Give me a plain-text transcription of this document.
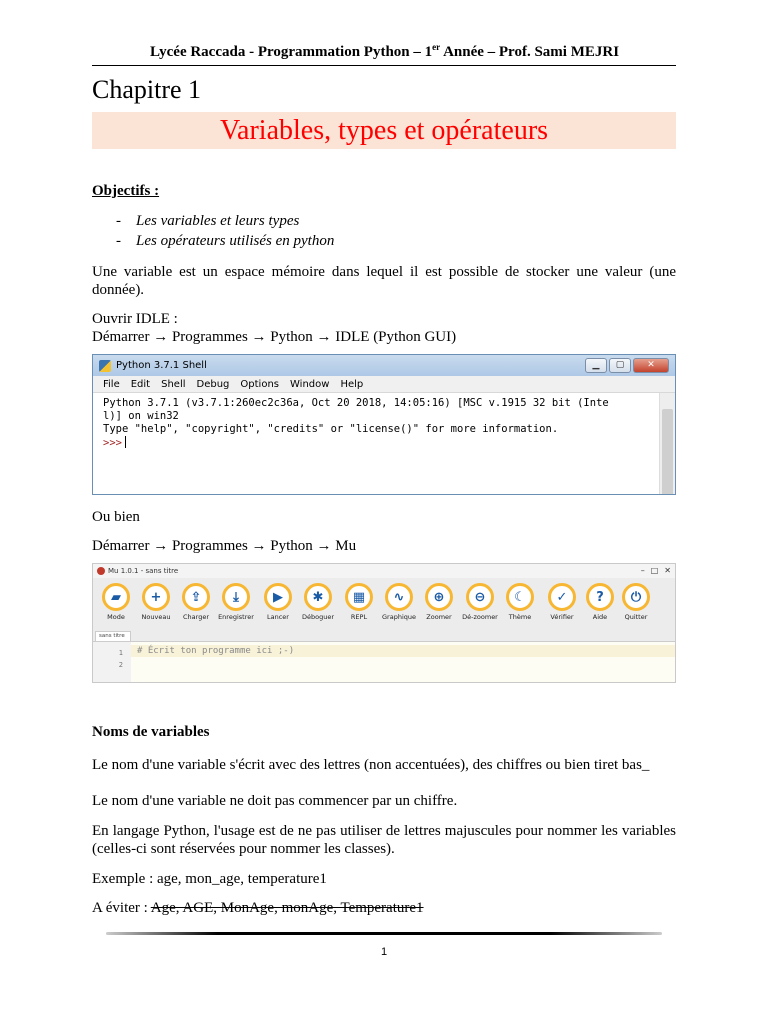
Lycée Raccada - Programmation Python – 1er Année – Prof. Sami MEJRI
Chapitre 1
Variables, types et opérateurs
Objectifs :
- Les variables et leurs types
- Les opérateurs utilisés en python
Une variable est un espace mémoire dans lequel il est possible de stocker une valeur (une donnée).
Ouvrir IDLE :
Démarrer → Programmes → Python → IDLE (Python GUI)
Python 3.7.1 Shell	▁	▢	✕
File Edit Shell Debug Options Window Help
Python 3.7.1 (v3.7.1:260ec2c36a, Oct 20 2018, 14:05:16) [MSC v.1915 32 bit (Inte
l)] on win32
Type "help", "copyright", "credits" or "license()" for more information.
>>>
Ou bien
Démarrer → Programmes → Python → Mu
Mu 1.0.1 - sans titre	– □ ✕
▰
Mode
+
Nouveau
⇪
Charger
⤓
Enregistrer
▶
Lancer
✱
Déboguer
▦
REPL
∿
Graphique
⊕
Zoomer
⊖
Dé-zoomer
☾
Thème
✓
Vérifier
?
Aide
⏻
Quitter
sans titre
1
2
# Écrit ton programme ici ;-)
Noms de variables
Le nom d'une variable s'écrit avec des lettres (non accentuées), des chiffres ou bien tiret bas_
Le nom d'une variable ne doit pas commencer par un chiffre.
En langage Python, l'usage est de ne pas utiliser de lettres majuscules pour nommer les variables (celles-ci sont réservées pour nommer les classes).
Exemple : age, mon_age, temperature1
A éviter : Age, AGE, MonAge, monAge, Temperature1
1
